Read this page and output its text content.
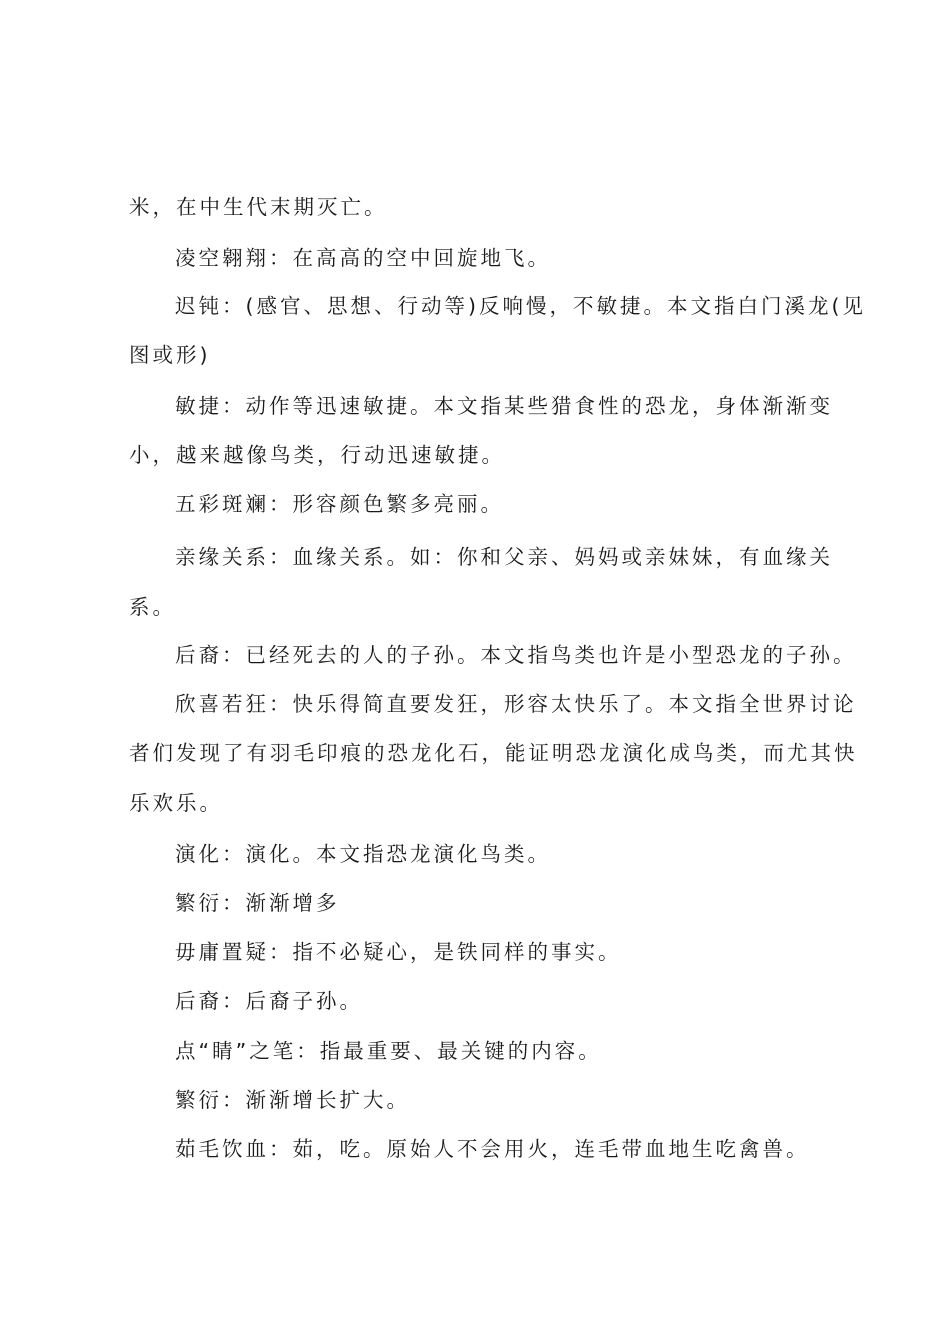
米，在中生代末期灭亡。

凌空翱翔：在高高的空中回旋地飞。

迟钝：(感官、思想、行动等)反响慢，不敏捷。本文指白门溪龙(见

图或形)

敏捷：动作等迅速敏捷。本文指某些猎食性的恐龙，身体渐渐变

小，越来越像鸟类，行动迅速敏捷。

五彩斑斓：形容颜色繁多亮丽。

亲缘关系：血缘关系。如：你和父亲、妈妈或亲妹妹，有血缘关

系。

后裔：已经死去的人的子孙。本文指鸟类也许是小型恐龙的子孙。

欣喜若狂：快乐得简直要发狂，形容太快乐了。本文指全世界讨论

者们发现了有羽毛印痕的恐龙化石，能证明恐龙演化成鸟类，而尤其快

乐欢乐。

演化：演化。本文指恐龙演化鸟类。

繁衍：渐渐增多

毋庸置疑：指不必疑心，是铁同样的事实。

后裔：后裔子孙。

点“睛”之笔：指最重要、最关键的内容。

繁衍：渐渐增长扩大。

茹毛饮血：茹，吃。原始人不会用火，连毛带血地生吃禽兽。
